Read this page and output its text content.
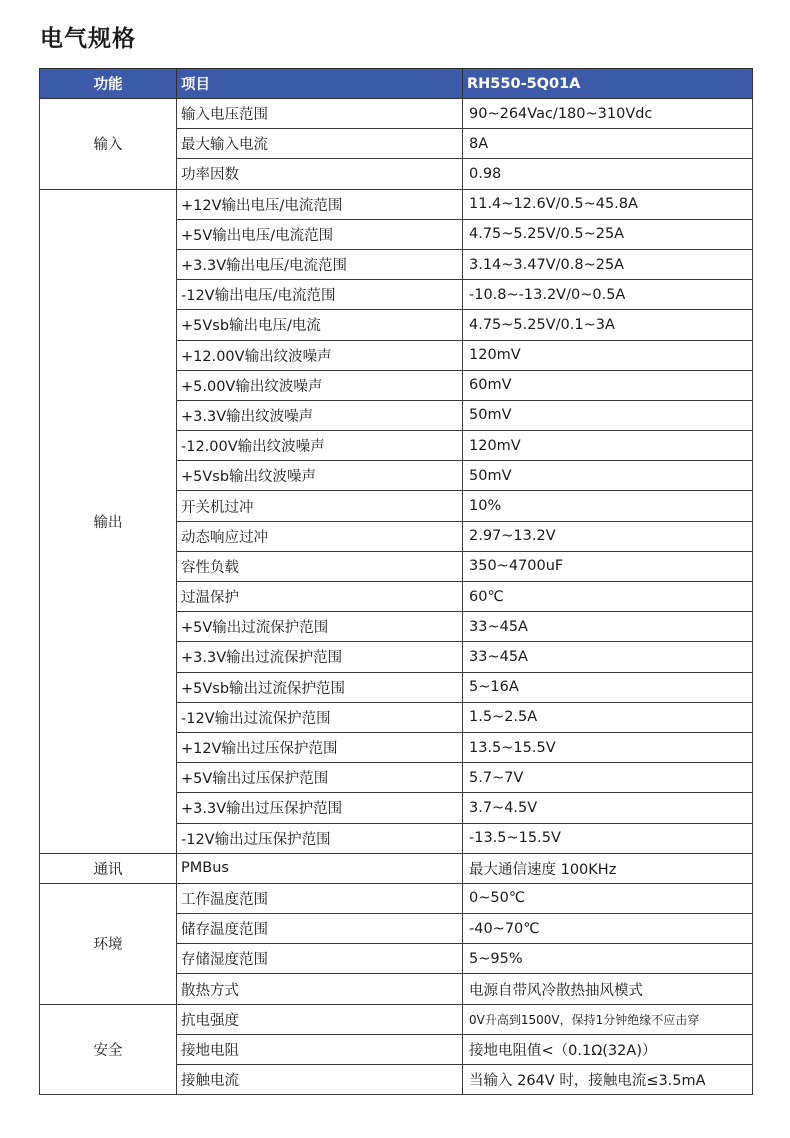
电气规格
功能	项目	RH550-5Q01A
输入	输入电压范围	90~264Vac/180~310Vdc
	最大输入电流	8A
	功率因数	0.98
输出	+12V输出电压/电流范围	11.4~12.6V/0.5~45.8A
	+5V输出电压/电流范围	4.75~5.25V/0.5~25A
	+3.3V输出电压/电流范围	3.14~3.47V/0.8~25A
	-12V输出电压/电流范围	-10.8~-13.2V/0~0.5A
	+5Vsb输出电压/电流	4.75~5.25V/0.1~3A
	+12.00V输出纹波噪声	120mV
	+5.00V输出纹波噪声	60mV
	+3.3V输出纹波噪声	50mV
	-12.00V输出纹波噪声	120mV
	+5Vsb输出纹波噪声	50mV
	开关机过冲	10%
	动态响应过冲	2.97~13.2V
	容性负载	350~4700uF
	过温保护	60℃
	+5V输出过流保护范围	33~45A
	+3.3V输出过流保护范围	33~45A
	+5Vsb输出过流保护范围	5~16A
	-12V输出过流保护范围	1.5~2.5A
	+12V输出过压保护范围	13.5~15.5V
	+5V输出过压保护范围	5.7~7V
	+3.3V输出过压保护范围	3.7~4.5V
	-12V输出过压保护范围	-13.5~15.5V
通讯	PMBus	最大通信速度 100KHz
环境	工作温度范围	0~50℃
	储存温度范围	-40~70℃
	存储湿度范围	5~95%
	散热方式	电源自带风冷散热抽风模式
安全	抗电强度	0V升高到1500V，保持1分钟绝缘不应击穿
	接地电阻	接地电阻值<（0.1Ω(32A)）
	接触电流	当输入 264V 时，接触电流≤3.5mA
